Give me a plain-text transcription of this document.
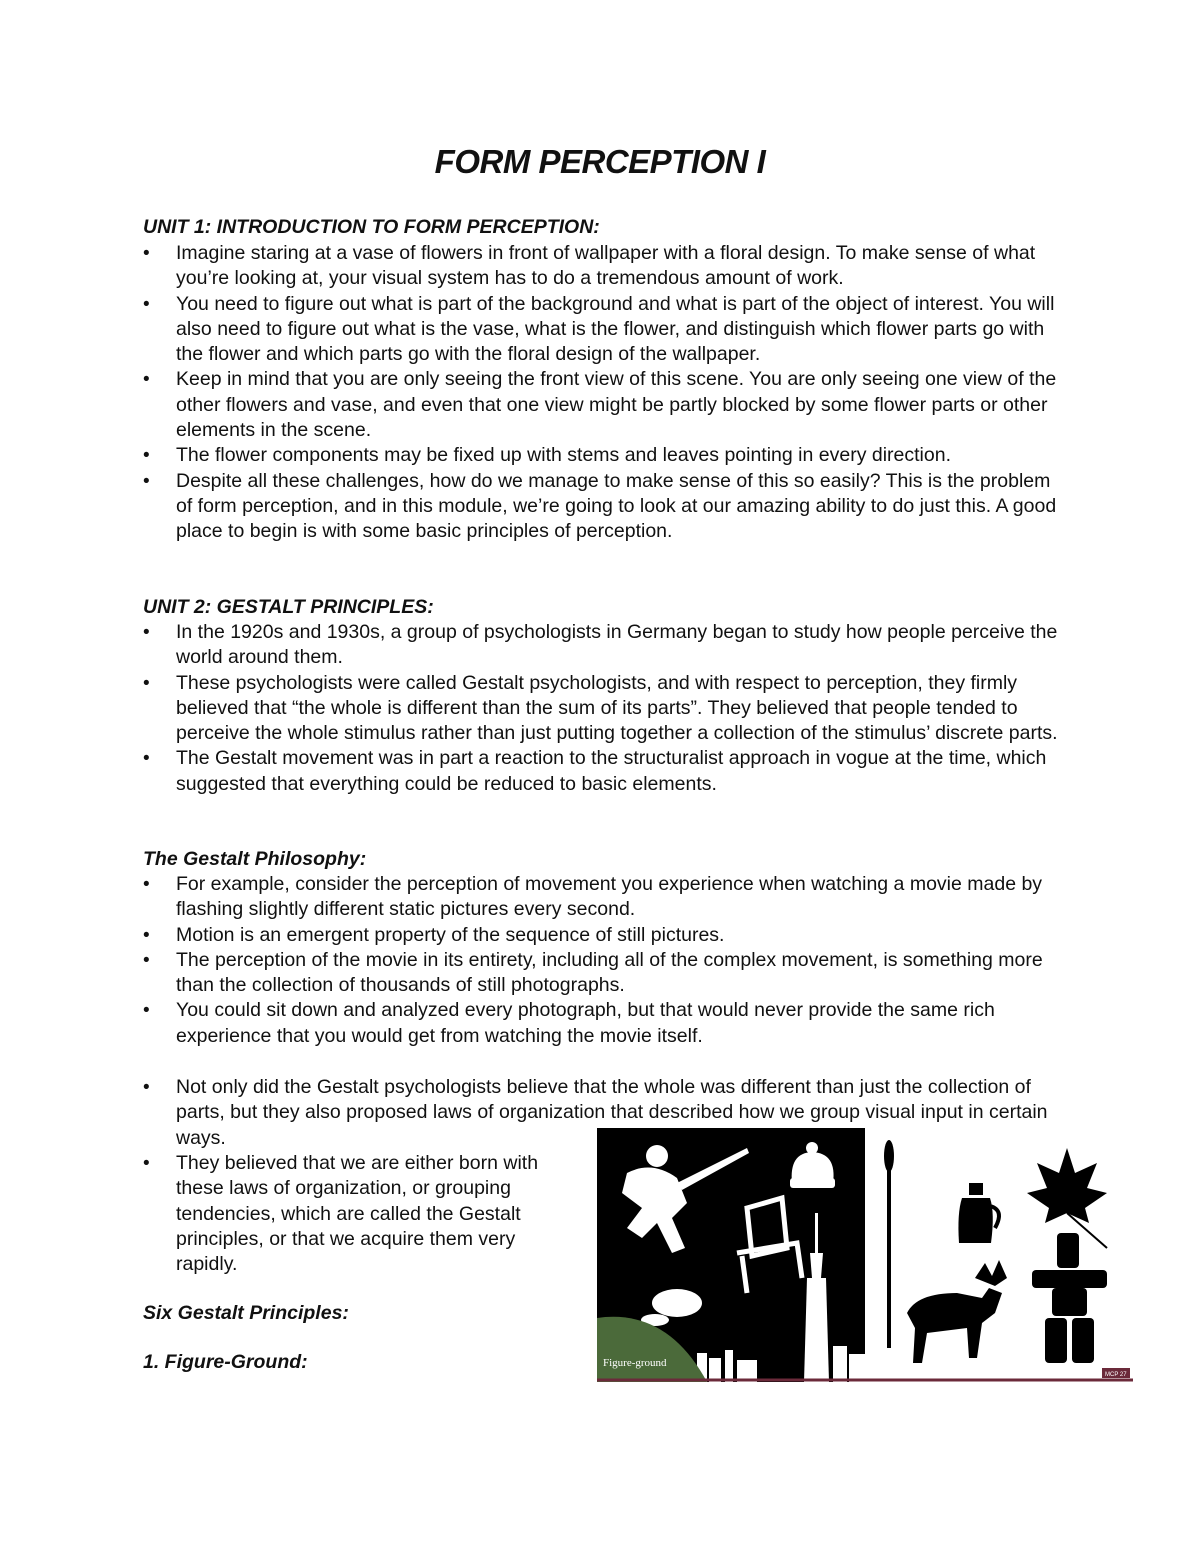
FORM PERCEPTION I
UNIT 1: INTRODUCTION TO FORM PERCEPTION:
• Imagine staring at a vase of flowers in front of wallpaper with a floral design. To make sense of what you’re looking at, your visual system has to do a tremendous amount of work.
• You need to figure out what is part of the background and what is part of the object of interest. You will also need to figure out what is the vase, what is the flower, and distinguish which flower parts go with the flower and which parts go with the floral design of the wallpaper.
• Keep in mind that you are only seeing the front view of this scene. You are only seeing one view of the other flowers and vase, and even that one view might be partly blocked by some flower parts or other elements in the scene.
• The flower components may be fixed up with stems and leaves pointing in every direction.
• Despite all these challenges, how do we manage to make sense of this so easily? This is the problem of form perception, and in this module, we’re going to look at our amazing ability to do just this. A good place to begin is with some basic principles of perception.
UNIT 2: GESTALT PRINCIPLES:
• In the 1920s and 1930s, a group of psychologists in Germany began to study how people perceive the world around them.
• These psychologists were called Gestalt psychologists, and with respect to perception, they firmly believed that “the whole is different than the sum of its parts”. They believed that people tended to perceive the whole stimulus rather than just putting together a collection of the stimulus’ discrete parts.
• The Gestalt movement was in part a reaction to the structuralist approach in vogue at the time, which suggested that everything could be reduced to basic elements.
The Gestalt Philosophy:
• For example, consider the perception of movement you experience when watching a movie made by flashing slightly different static pictures every second.
• Motion is an emergent property of the sequence of still pictures.
• The perception of the movie in its entirety, including all of the complex movement, is something more than the collection of thousands of still photographs.
• You could sit down and analyzed every photograph, but that would never provide the same rich experience that you would get from watching the movie itself.
• Not only did the Gestalt psychologists believe that the whole was different than just the collection of parts, but they also proposed laws of organization that described how we group visual input in certain ways.
• They believed that we are either born with these laws of organization, or grouping tendencies, which are called the Gestalt principles, or that we acquire them very rapidly.
Six Gestalt Principles:
1. Figure-Ground:	Figure-ground
MCP 27
